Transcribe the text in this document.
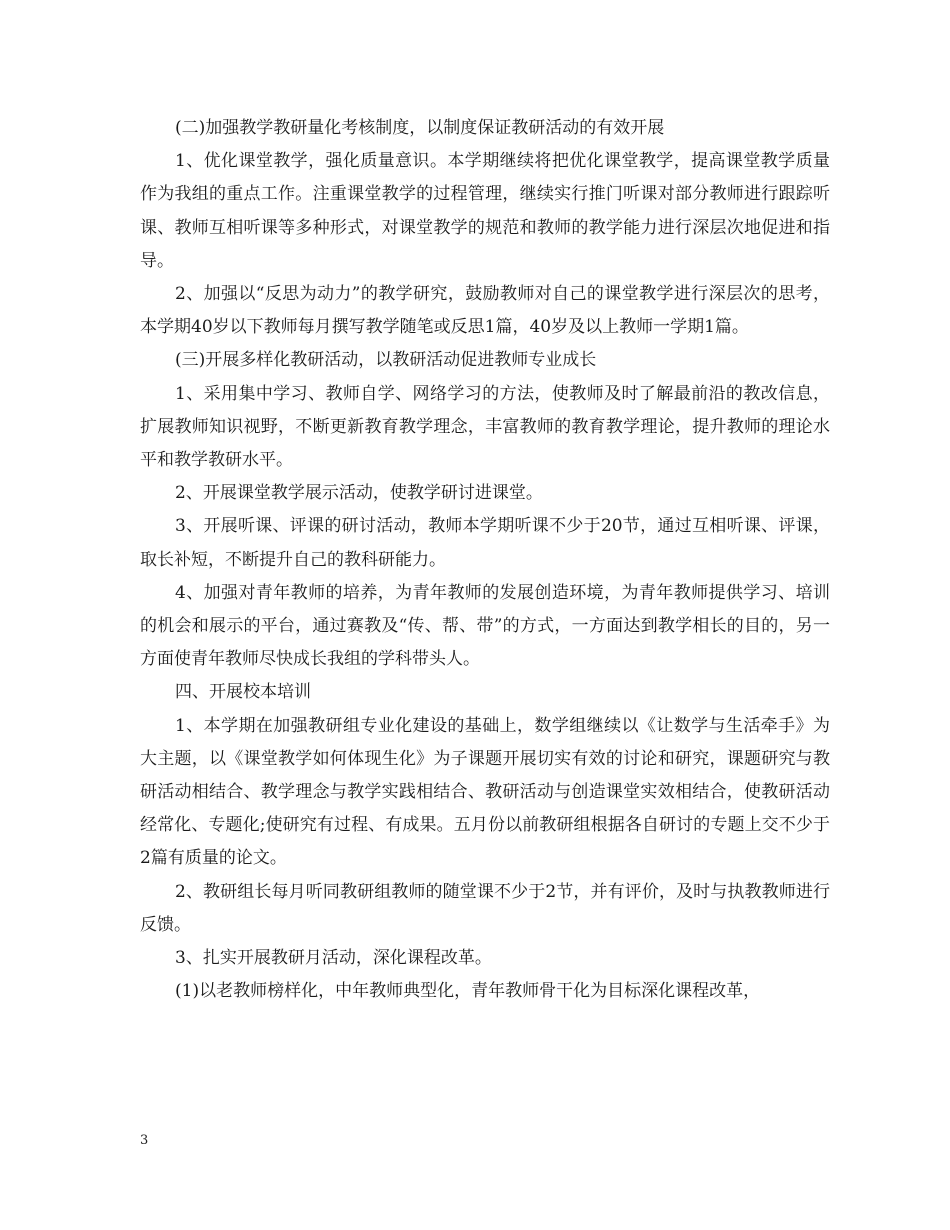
(二)加强教学教研量化考核制度，以制度保证教研活动的有效开展

1、优化课堂教学，强化质量意识。本学期继续将把优化课堂教学，提高课堂教学质量作为我组的重点工作。注重课堂教学的过程管理，继续实行推门听课对部分教师进行跟踪听课、教师互相听课等多种形式，对课堂教学的规范和教师的教学能力进行深层次地促进和指导。

2、加强以“反思为动力”的教学研究，鼓励教师对自己的课堂教学进行深层次的思考，本学期40岁以下教师每月撰写教学随笔或反思1篇，40岁及以上教师一学期1篇。

(三)开展多样化教研活动，以教研活动促进教师专业成长

1、采用集中学习、教师自学、网络学习的方法，使教师及时了解最前沿的教改信息，扩展教师知识视野，不断更新教育教学理念，丰富教师的教育教学理论，提升教师的理论水平和教学教研水平。

2、开展课堂教学展示活动，使教学研讨进课堂。

3、开展听课、评课的研讨活动，教师本学期听课不少于20节，通过互相听课、评课，取长补短，不断提升自己的教科研能力。

4、加强对青年教师的培养，为青年教师的发展创造环境，为青年教师提供学习、培训的机会和展示的平台，通过赛教及“传、帮、带”的方式，一方面达到教学相长的目的，另一方面使青年教师尽快成长我组的学科带头人。

四、开展校本培训

1、本学期在加强教研组专业化建设的基础上，数学组继续以《让数学与生活牵手》为大主题，以《课堂教学如何体现生化》为子课题开展切实有效的讨论和研究，课题研究与教研活动相结合、教学理念与教学实践相结合、教研活动与创造课堂实效相结合，使教研活动经常化、专题化;使研究有过程、有成果。五月份以前教研组根据各自研讨的专题上交不少于2篇有质量的论文。

2、教研组长每月听同教研组教师的随堂课不少于2节，并有评价，及时与执教教师进行反馈。

3、扎实开展教研月活动，深化课程改革。

(1)以老教师榜样化，中年教师典型化，青年教师骨干化为目标深化课程改革，

3
